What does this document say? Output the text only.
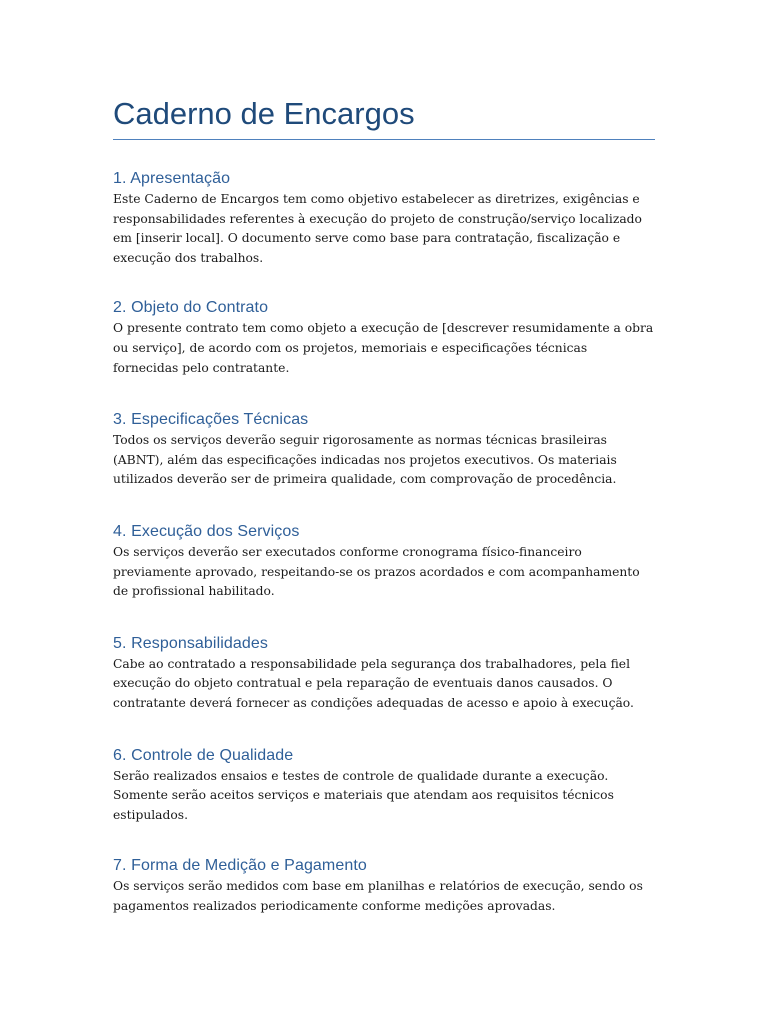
Caderno de Encargos
1. Apresentação

Este Caderno de Encargos tem como objetivo estabelecer as diretrizes, exigências e responsabilidades referentes à execução do projeto de construção/serviço localizado em [inserir local]. O documento serve como base para contratação, fiscalização e execução dos trabalhos.

2. Objeto do Contrato

O presente contrato tem como objeto a execução de [descrever resumidamente a obra ou serviço], de acordo com os projetos, memoriais e especificações técnicas fornecidas pelo contratante.

3. Especificações Técnicas

Todos os serviços deverão seguir rigorosamente as normas técnicas brasileiras (ABNT), além das especificações indicadas nos projetos executivos. Os materiais utilizados deverão ser de primeira qualidade, com comprovação de procedência.

4. Execução dos Serviços

Os serviços deverão ser executados conforme cronograma físico-financeiro previamente aprovado, respeitando-se os prazos acordados e com acompanhamento de profissional habilitado.

5. Responsabilidades

Cabe ao contratado a responsabilidade pela segurança dos trabalhadores, pela fiel execução do objeto contratual e pela reparação de eventuais danos causados. O contratante deverá fornecer as condições adequadas de acesso e apoio à execução.

6. Controle de Qualidade

Serão realizados ensaios e testes de controle de qualidade durante a execução. Somente serão aceitos serviços e materiais que atendam aos requisitos técnicos estipulados.

7. Forma de Medição e Pagamento

Os serviços serão medidos com base em planilhas e relatórios de execução, sendo os pagamentos realizados periodicamente conforme medições aprovadas.
